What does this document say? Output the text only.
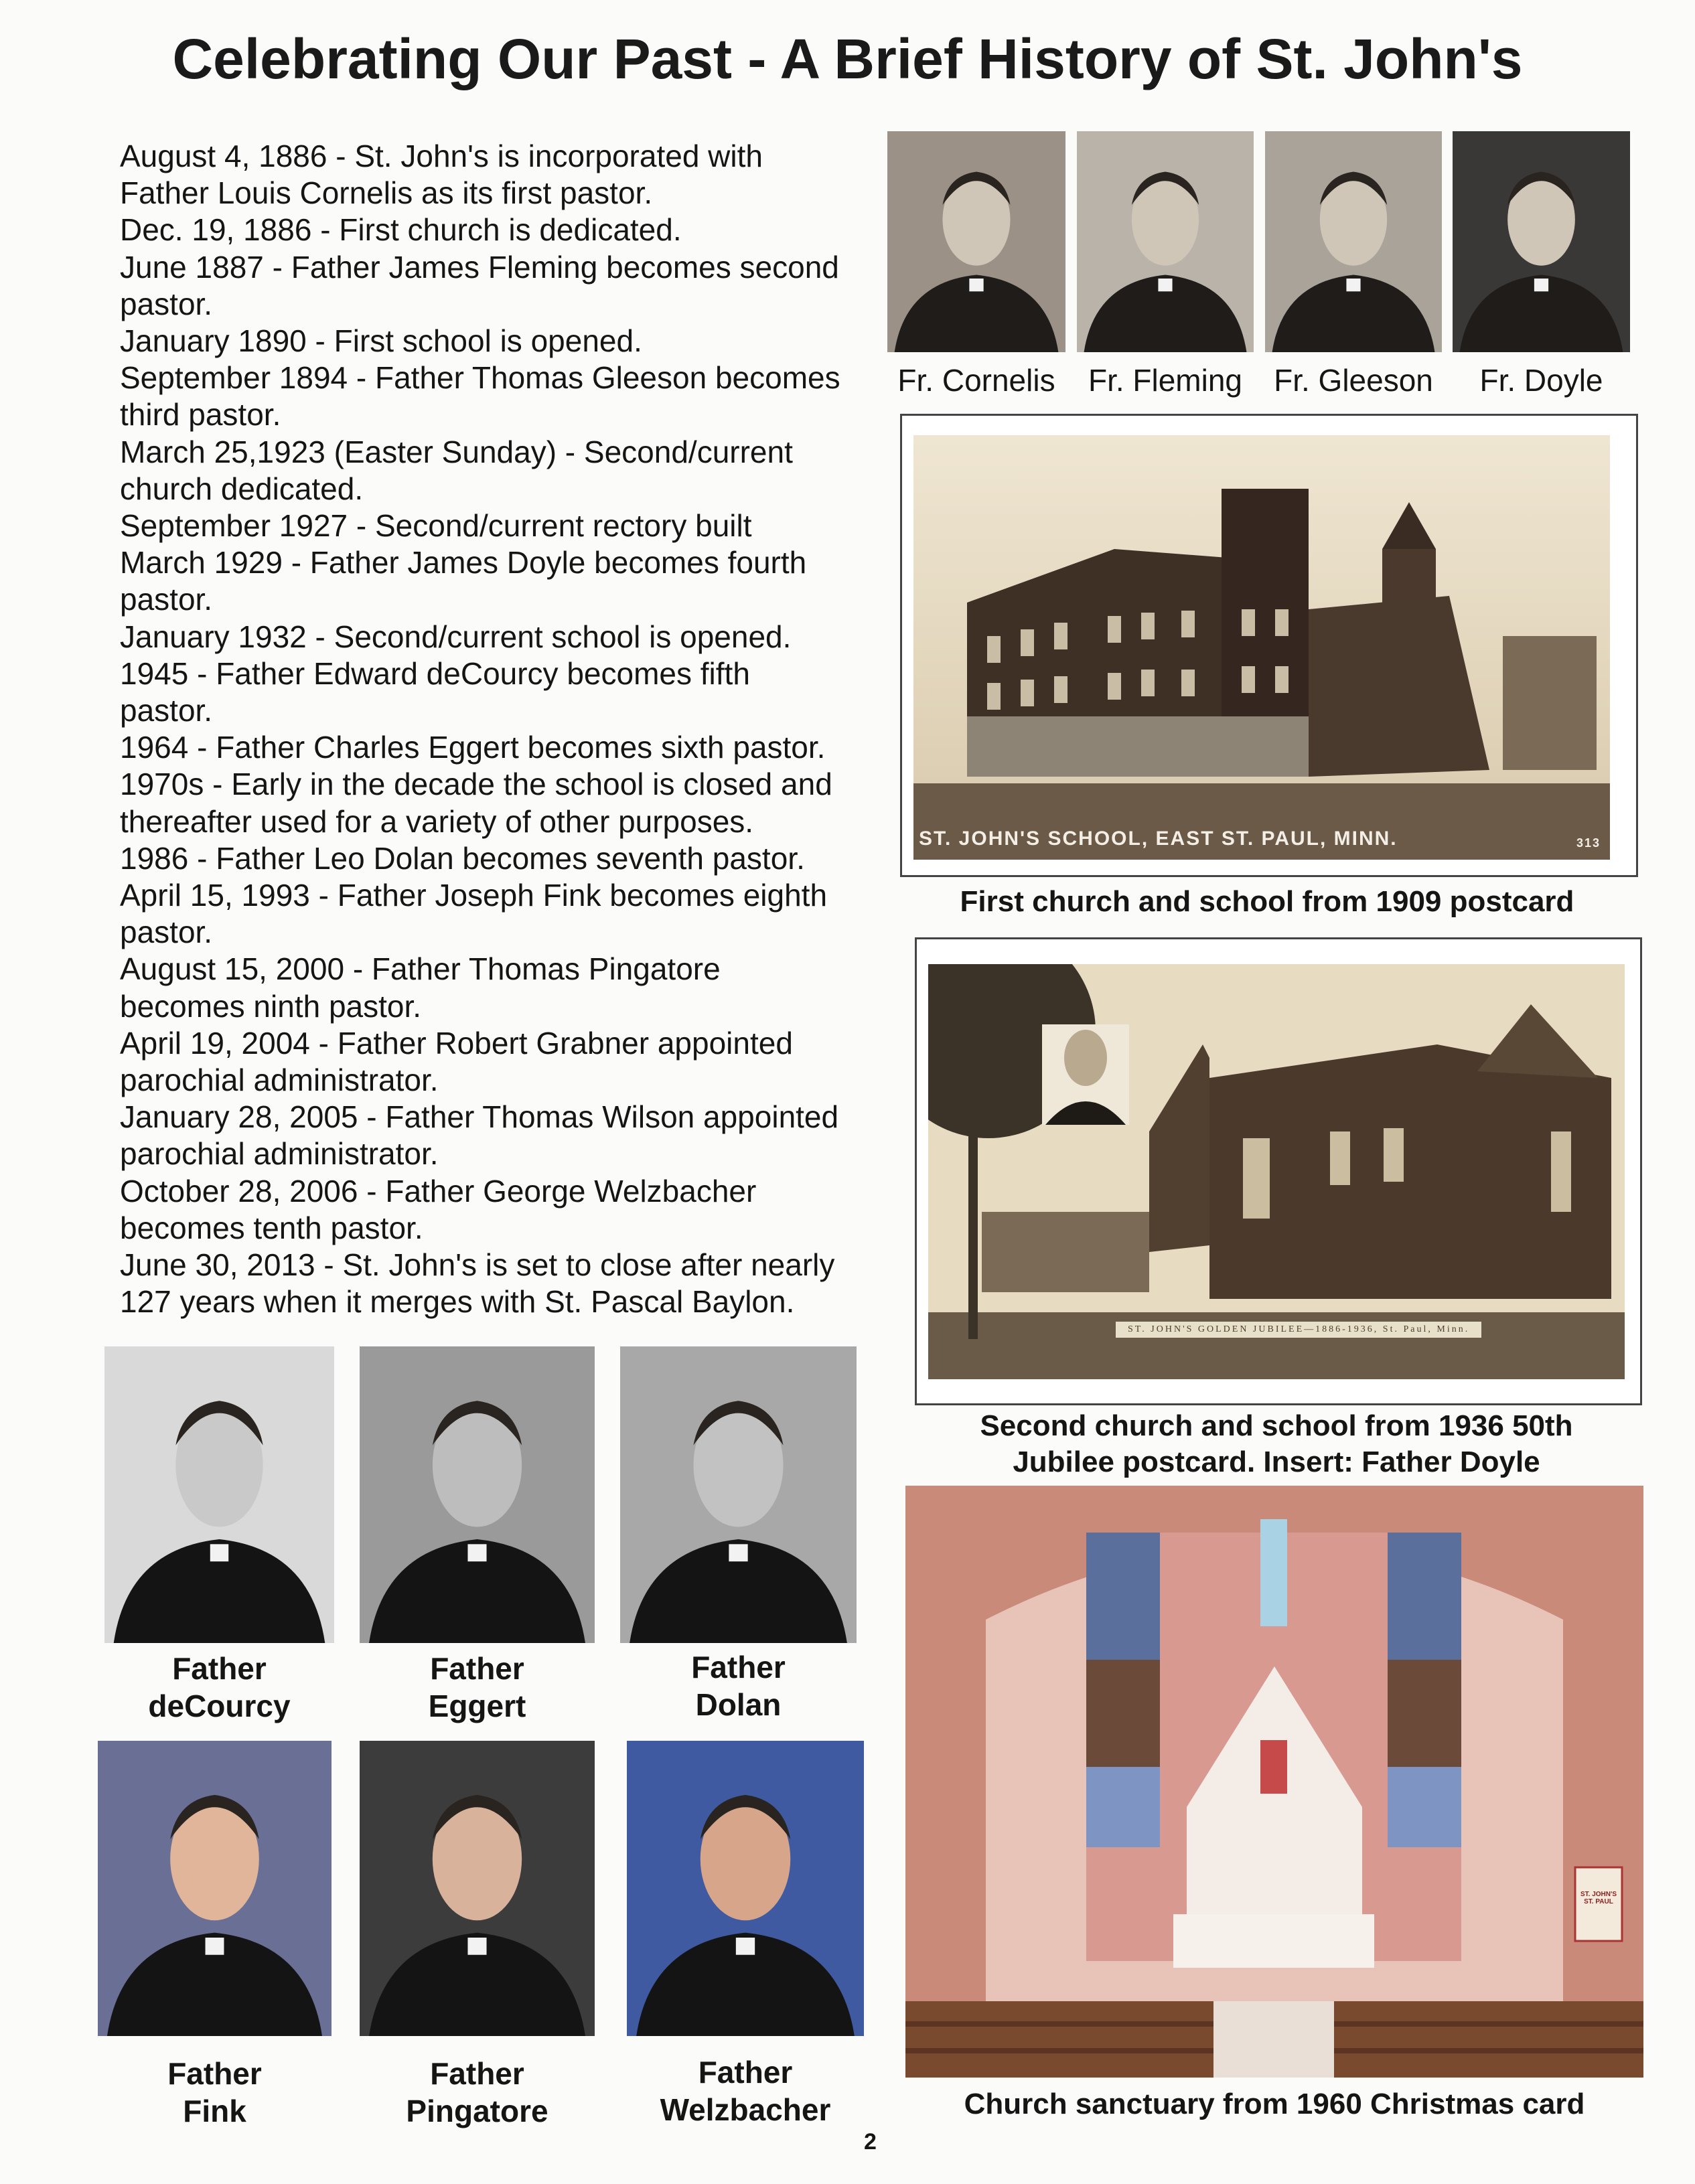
Celebrating Our Past - A Brief History of St. John's
August 4, 1886 - St. John's is incorporated with
Father Louis Cornelis as its first pastor.
Dec. 19, 1886 - First church is dedicated.
June 1887 - Father James Fleming becomes second
pastor.
January 1890 - First school is opened.
September 1894 - Father Thomas Gleeson becomes
third pastor.
March 25,1923 (Easter Sunday) - Second/current
church dedicated.
September 1927 - Second/current rectory built
March 1929 - Father James Doyle becomes fourth
pastor.
January 1932 - Second/current school is opened.
1945 - Father Edward deCourcy becomes fifth
pastor.
1964 - Father Charles Eggert becomes sixth pastor.
1970s - Early in the decade the school is closed and
thereafter used for a variety of other purposes.
1986 - Father Leo Dolan becomes seventh pastor.
April 15, 1993 - Father Joseph Fink becomes eighth
pastor.
August 15, 2000 - Father Thomas Pingatore
becomes ninth pastor.
April 19, 2004 - Father Robert Grabner appointed
parochial administrator.
January 28, 2005 - Father Thomas Wilson appointed
parochial administrator.
October 28, 2006 - Father George Welzbacher
becomes tenth pastor.
June 30, 2013 - St. John's is set to close after nearly
127 years when it merges with St. Pascal Baylon.
Fr. Cornelis	Fr. Fleming	Fr. Gleeson	Fr. Doyle
ST. JOHN'S SCHOOL, EAST ST. PAUL, MINN.	313
First church and school from 1909 postcard
ST. JOHN'S GOLDEN JUBILEE—1886-1936, St. Paul, Minn.
Second church and school from 1936 50th
Jubilee postcard. Insert: Father Doyle
ST. JOHN'S ST. PAUL
Church sanctuary from 1960 Christmas card
Father
deCourcy
Father
Eggert
Father
Dolan
Father
Fink
Father
Pingatore
Father
Welzbacher
2
